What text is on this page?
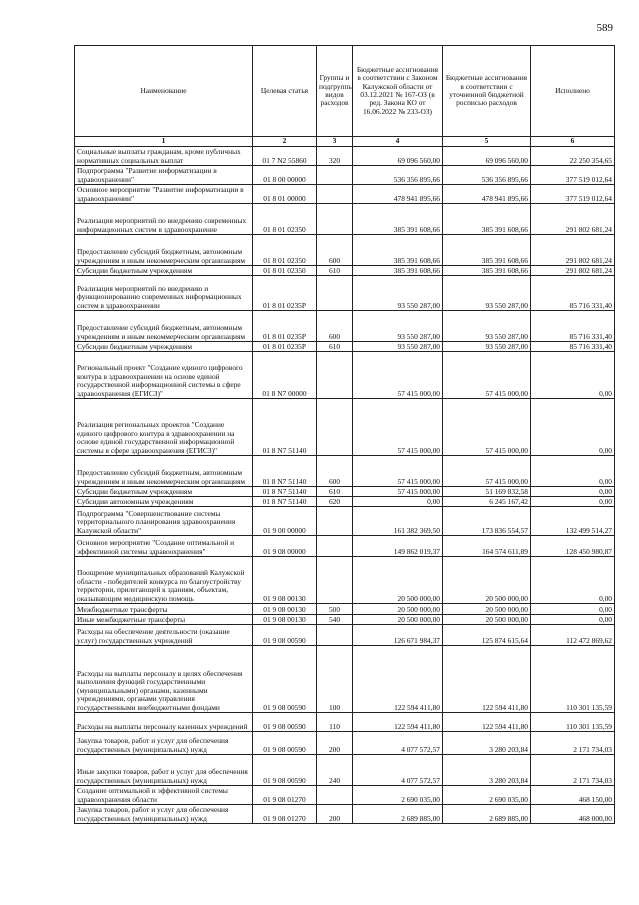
589
Наименование	Целевая статья	Группы и подгруппы видов расходов	Бюджетные ассигнования в соответствии с Законом Калужской области от 03.12.2021 № 167-ОЗ (в ред. Закона КО от 16.06.2022 № 233-ОЗ)	Бюджетные ассигнования в соответствии с уточненной бюджетной росписью расходов	Исполнено
1	2	3	4	5	6
Социальные выплаты гражданам, кроме публичных нормативных социальных выплат	01 7 N2 55860	320	69 096 560,00	69 096 560,00	22 250 354,65
Подпрограмма "Развитие информатизации в здравоохранении"	01 8 00 00000		536 356 895,66	536 356 895,66	377 519 012,64
Основное мероприятие "Развитие информатизации в здравоохранении"	01 8 01 00000		478 941 895,66	478 941 895,66	377 519 012,64
Реализация мероприятий по внедрению современных информационных систем в здравоохранение	01 8 01 02350		385 391 608,66	385 391 608,66	291 802 681,24
Предоставление субсидий бюджетным, автономным учреждениям и иным некоммерческим организациям	01 8 01 02350	600	385 391 608,66	385 391 608,66	291 802 681,24
Субсидии бюджетным учреждениям	01 8 01 02350	610	385 391 608,66	385 391 608,66	291 802 681,24
Реализация мероприятий по внедрению и функционированию современных информационных систем в здравоохранении	01 8 01 0235Р		93 550 287,00	93 550 287,00	85 716 331,40
Предоставление субсидий бюджетным, автономным учреждениям и иным некоммерческим организациям	01 8 01 0235Р	600	93 550 287,00	93 550 287,00	85 716 331,40
Субсидии бюджетным учреждениям	01 8 01 0235Р	610	93 550 287,00	93 550 287,00	85 716 331,40
Региональный проект "Создание единого цифрового контура в здравоохранении на основе единой государственной информационной системы в сфере здравоохранения (ЕГИСЗ)"	01 8 N7 00000		57 415 000,00	57 415 000,00	0,00
Реализация региональных проектов "Создание единого цифрового контура в здравоохранении на основе единой государственной информационной системы в сфере здравоохранения (ЕГИСЗ)"	01 8 N7 51140		57 415 000,00	57 415 000,00	0,00
Предоставление субсидий бюджетным, автономным учреждениям и иным некоммерческим организациям	01 8 N7 51140	600	57 415 000,00	57 415 000,00	0,00
Субсидии бюджетным учреждениям	01 8 N7 51140	610	57 415 000,00	51 169 832,58	0,00
Субсидии автономным учреждениям	01 8 N7 51140	620	0,00	6 245 167,42	0,00
Подпрограмма "Совершенствование системы территориального планирования здравоохранения Калужской области"	01 9 00 00000		161 382 369,50	173 836 554,57	132 499 514,27
Основное мероприятие "Создание оптимальной и эффективной системы здравоохранения"	01 9 08 00000		149 862 019,37	164 574 611,89	128 450 980,87
Поощрение муниципальных образований Калужской области - победителей конкурса по благоустройству территории, прилегающей к зданиям, объектам, оказывающим медицинскую помощь	01 9 08 00130		20 500 000,00	20 500 000,00	0,00
Межбюджетные трансферты	01 9 08 00130	500	20 500 000,00	20 500 000,00	0,00
Иные межбюджетные трансферты	01 9 08 00130	540	20 500 000,00	20 500 000,00	0,00
Расходы на обеспечение деятельности (оказание услуг) государственных учреждений	01 9 08 00590		126 671 984,37	125 874 615,64	112 472 869,62
Расходы на выплаты персоналу в целях обеспечения выполнения функций государственными (муниципальными) органами, казенными учреждениями, органами управления государственными внебюджетными фондами	01 9 08 00590	100	122 594 411,80	122 594 411,80	110 301 135,59
Расходы на выплаты персоналу казенных учреждений	01 9 08 00590	110	122 594 411,80	122 594 411,80	110 301 135,59
Закупка товаров, работ и услуг для обеспечения государственных (муниципальных) нужд	01 9 08 00590	200	4 077 572,57	3 280 203,84	2 171 734,03
Иные закупки товаров, работ и услуг для обеспечения государственных (муниципальных) нужд	01 9 08 00590	240	4 077 572,57	3 280 203,84	2 171 734,03
Создание оптимальной и эффективной системы здравоохранения области	01 9 08 01270		2 690 035,00	2 690 035,00	468 150,00
Закупка товаров, работ и услуг для обеспечения государственных (муниципальных) нужд	01 9 08 01270	200	2 689 885,00	2 689 885,00	468 000,00
